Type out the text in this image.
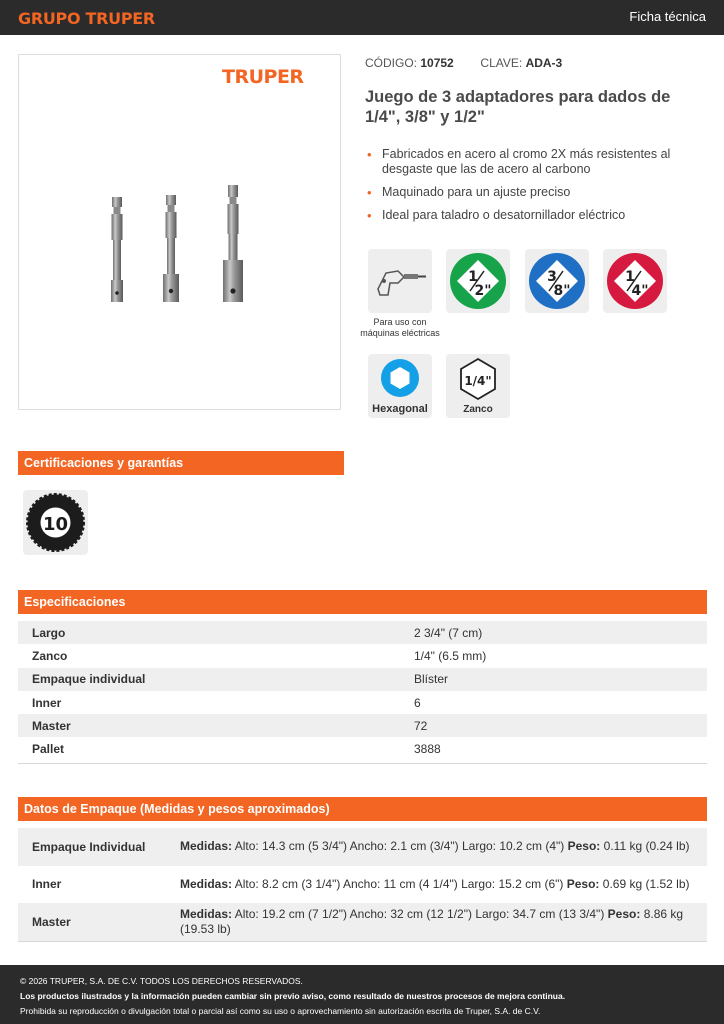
GRUPO TRUPER	Ficha técnica
TRUPER
CÓDIGO: 10752 CLAVE: ADA-3
Juego de 3 adaptadores para dados de 1/4", 3/8" y 1/2"
• Fabricados en acero al cromo 2X más resistentes al desgaste que las de acero al carbono
• Maquinado para un ajuste preciso
• Ideal para taladro o desatornillador eléctrico
Para uso con máquinas eléctricas
1
2"
3
8"
1
4"
Hexagonal
1/4"
Zanco
Certificaciones y garantías
10
Especificaciones
Largo	2 3/4" (7 cm)
Zanco	1/4" (6.5 mm)
Empaque individual	Blíster
Inner	6
Master	72
Pallet	3888
Datos de Empaque (Medidas y pesos aproximados)
Empaque Individual	Medidas: Alto: 14.3 cm (5 3/4") Ancho: 2.1 cm (3/4") Largo: 10.2 cm (4") Peso: 0.11 kg (0.24 lb)
Inner	Medidas: Alto: 8.2 cm (3 1/4") Ancho: 11 cm (4 1/4") Largo: 15.2 cm (6") Peso: 0.69 kg (1.52 lb)
Master	Medidas: Alto: 19.2 cm (7 1/2") Ancho: 32 cm (12 1/2") Largo: 34.7 cm (13 3/4") Peso: 8.86 kg (19.53 lb)
© 2026 TRUPER, S.A. DE C.V. TODOS LOS DERECHOS RESERVADOS.
Los productos ilustrados y la información pueden cambiar sin previo aviso, como resultado de nuestros procesos de mejora continua.
Prohibida su reproducción o divulgación total o parcial así como su uso o aprovechamiento sin autorización escrita de Truper, S.A. de C.V.
